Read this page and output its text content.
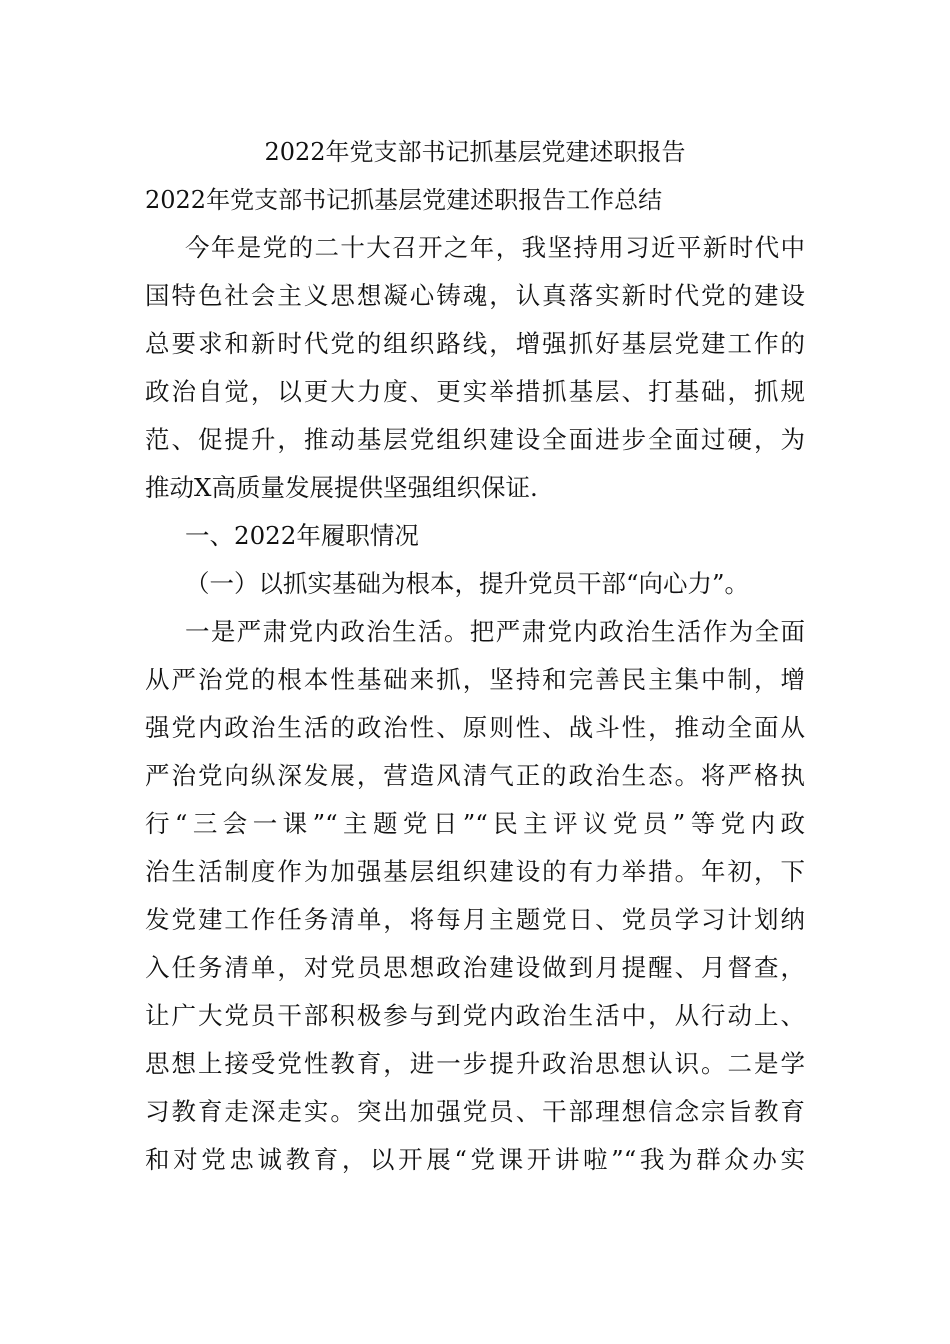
2022年党支部书记抓基层党建述职报告
2022年党支部书记抓基层党建述职报告工作总结
今年是党的二十大召开之年，我坚持用习近平新时代中
国特色社会主义思想凝心铸魂，认真落实新时代党的建设
总要求和新时代党的组织路线，增强抓好基层党建工作的
政治自觉，以更大力度、更实举措抓基层、打基础，抓规
范、促提升，推动基层党组织建设全面进步全面过硬，为
推动X高质量发展提供坚强组织保证.
一、2022年履职情况
（一）以抓实基础为根本，提升党员干部“向心力”。
一是严肃党内政治生活。把严肃党内政治生活作为全面
从严治党的根本性基础来抓，坚持和完善民主集中制，增
强党内政治生活的政治性、原则性、战斗性，推动全面从
严治党向纵深发展，营造风清气正的政治生态。将严格执
行“三会一课”“主题党日”“民主评议党员”等党内政
治生活制度作为加强基层组织建设的有力举措。年初，下
发党建工作任务清单，将每月主题党日、党员学习计划纳
入任务清单，对党员思想政治建设做到月提醒、月督查，
让广大党员干部积极参与到党内政治生活中，从行动上、
思想上接受党性教育，进一步提升政治思想认识。二是学
习教育走深走实。突出加强党员、干部理想信念宗旨教育
和对党忠诚教育，以开展“党课开讲啦”“我为群众办实
